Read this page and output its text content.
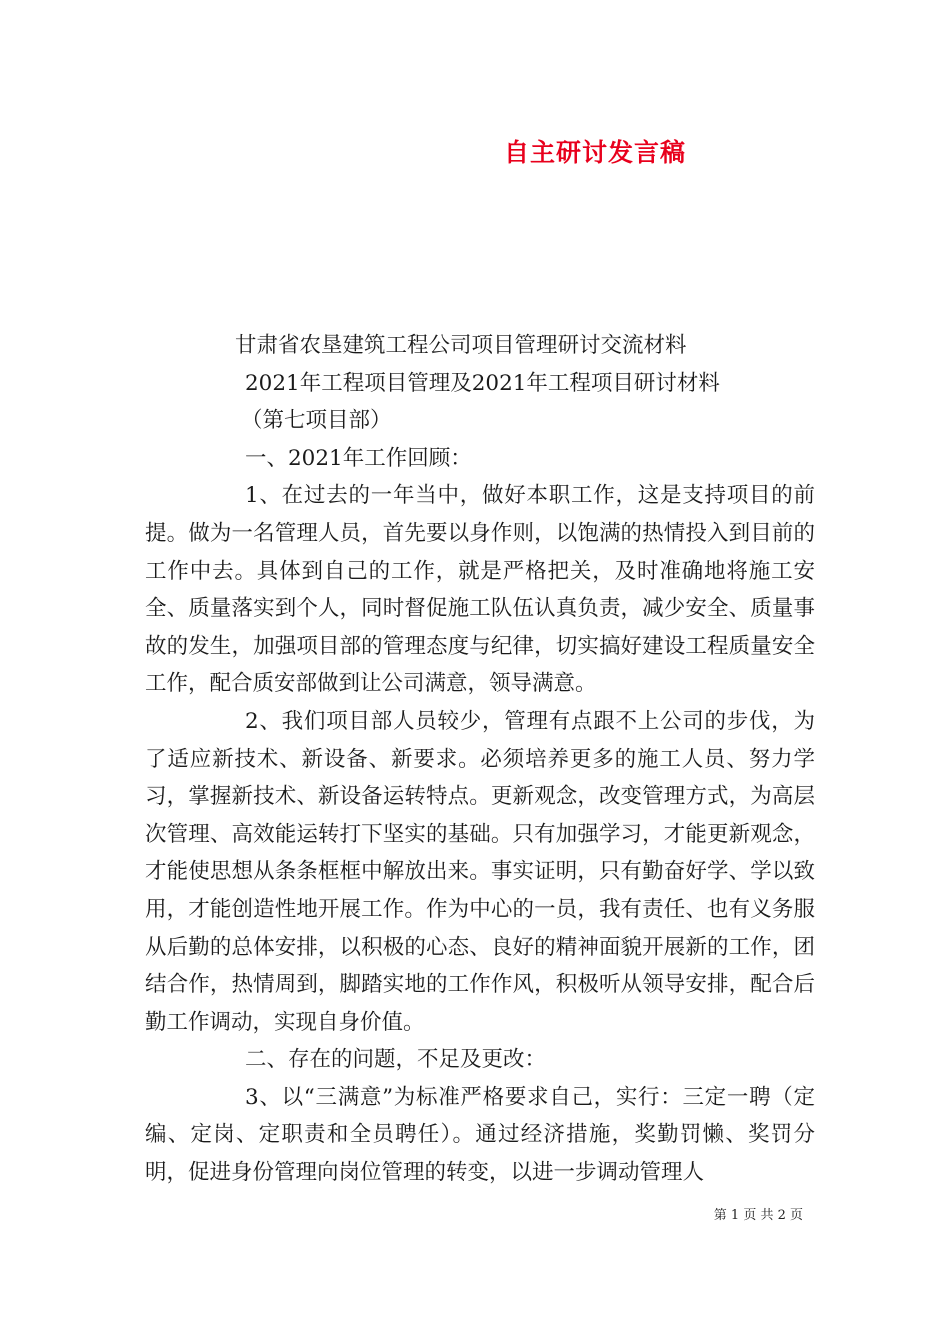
自主研讨发言稿
甘肃省农垦建筑工程公司项目管理研讨交流材料
2021年工程项目管理及2021年工程项目研讨材料
（第七项目部）
一、2021年工作回顾：
1、在过去的一年当中，做好本职工作，这是支持项目的前提。做为一名管理人员，首先要以身作则，以饱满的热情投入到目前的工作中去。具体到自己的工作，就是严格把关，及时准确地将施工安全、质量落实到个人，同时督促施工队伍认真负责，减少安全、质量事故的发生，加强项目部的管理态度与纪律，切实搞好建设工程质量安全工作，配合质安部做到让公司满意，领导满意。
2、我们项目部人员较少，管理有点跟不上公司的步伐，为了适应新技术、新设备、新要求。必须培养更多的施工人员、努力学习，掌握新技术、新设备运转特点。更新观念，改变管理方式，为高层次管理、高效能运转打下坚实的基础。只有加强学习，才能更新观念，才能使思想从条条框框中解放出来。事实证明，只有勤奋好学、学以致用，才能创造性地开展工作。作为中心的一员，我有责任、也有义务服从后勤的总体安排，以积极的心态、良好的精神面貌开展新的工作，团结合作，热情周到，脚踏实地的工作作风，积极听从领导安排，配合后勤工作调动，实现自身价值。
二、存在的问题，不足及更改：
3、以“三满意”为标准严格要求自己，实行：三定一聘（定编、定岗、定职责和全员聘任）。通过经济措施，奖勤罚懒、奖罚分明，促进身份管理向岗位管理的转变，以进一步调动管理人
第 1 页 共 2 页
